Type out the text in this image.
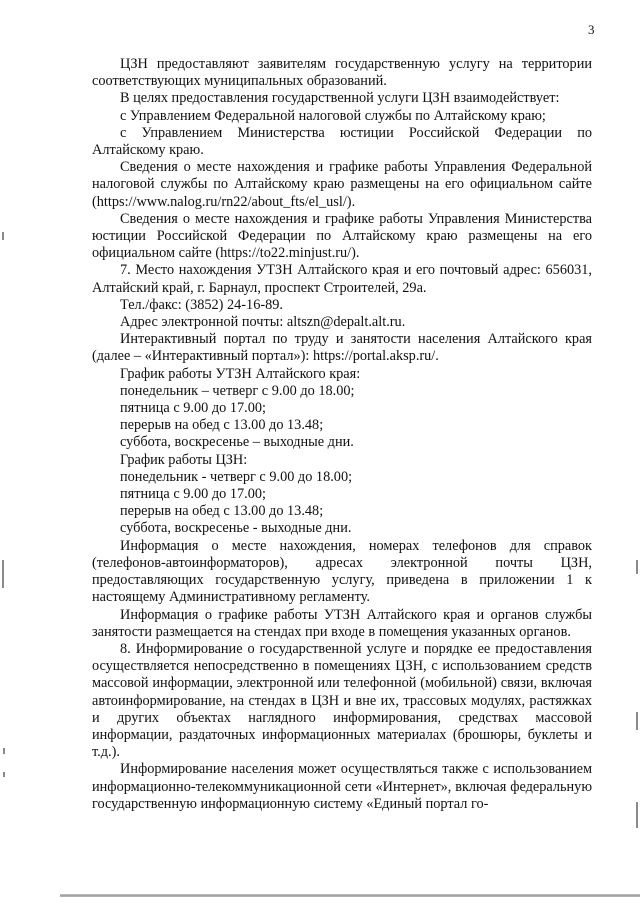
3

ЦЗН предоставляют заявителям государственную услугу на территории соответствующих муниципальных образований.

В целях предоставления государственной услуги ЦЗН взаимодействует:

с Управлением Федеральной налоговой службы по Алтайскому краю;

с Управлением Министерства юстиции Российской Федерации по Алтайскому краю.

Сведения о месте нахождения и графике работы Управления Федеральной налоговой службы по Алтайскому краю размещены на его официальном сайте (https://www.nalog.ru/rn22/about_fts/el_usl/).

Сведения о месте нахождения и графике работы Управления Министерства юстиции Российской Федерации по Алтайскому краю размещены на его официальном сайте (https://to22.minjust.ru/).

7. Место нахождения УТЗН Алтайского края и его почтовый адрес: 656031, Алтайский край, г. Барнаул, проспект Строителей, 29а.

Тел./факс: (3852) 24-16-89.

Адрес электронной почты: altszn@depalt.alt.ru.

Интерактивный портал по труду и занятости населения Алтайского края (далее – «Интерактивный портал»): https://portal.aksp.ru/.

График работы УТЗН Алтайского края:

понедельник – четверг с 9.00 до 18.00;

пятница с 9.00 до 17.00;

перерыв на обед с 13.00 до 13.48;

суббота, воскресенье – выходные дни.

График работы ЦЗН:

понедельник - четверг с 9.00 до 18.00;

пятница с 9.00 до 17.00;

перерыв на обед с 13.00 до 13.48;

суббота, воскресенье - выходные дни.

Информация о месте нахождения, номерах телефонов для справок (телефонов-автоинформаторов), адресах электронной почты ЦЗН, предоставляющих государственную услугу, приведена в приложении 1 к настоящему Административному регламенту.

Информация о графике работы УТЗН Алтайского края и органов службы занятости размещается на стендах при входе в помещения указанных органов.

8. Информирование о государственной услуге и порядке ее предоставления осуществляется непосредственно в помещениях ЦЗН, с использованием средств массовой информации, электронной или телефонной (мобильной) связи, включая автоинформирование, на стендах в ЦЗН и вне их, трассовых модулях, растяжках и других объектах наглядного информирования, средствах массовой информации, раздаточных информационных материалах (брошюры, буклеты и т.д.).

Информирование населения может осуществляться также с использованием информационно-телекоммуникационной сети «Интернет», включая федеральную государственную информационную систему «Единый портал го-
